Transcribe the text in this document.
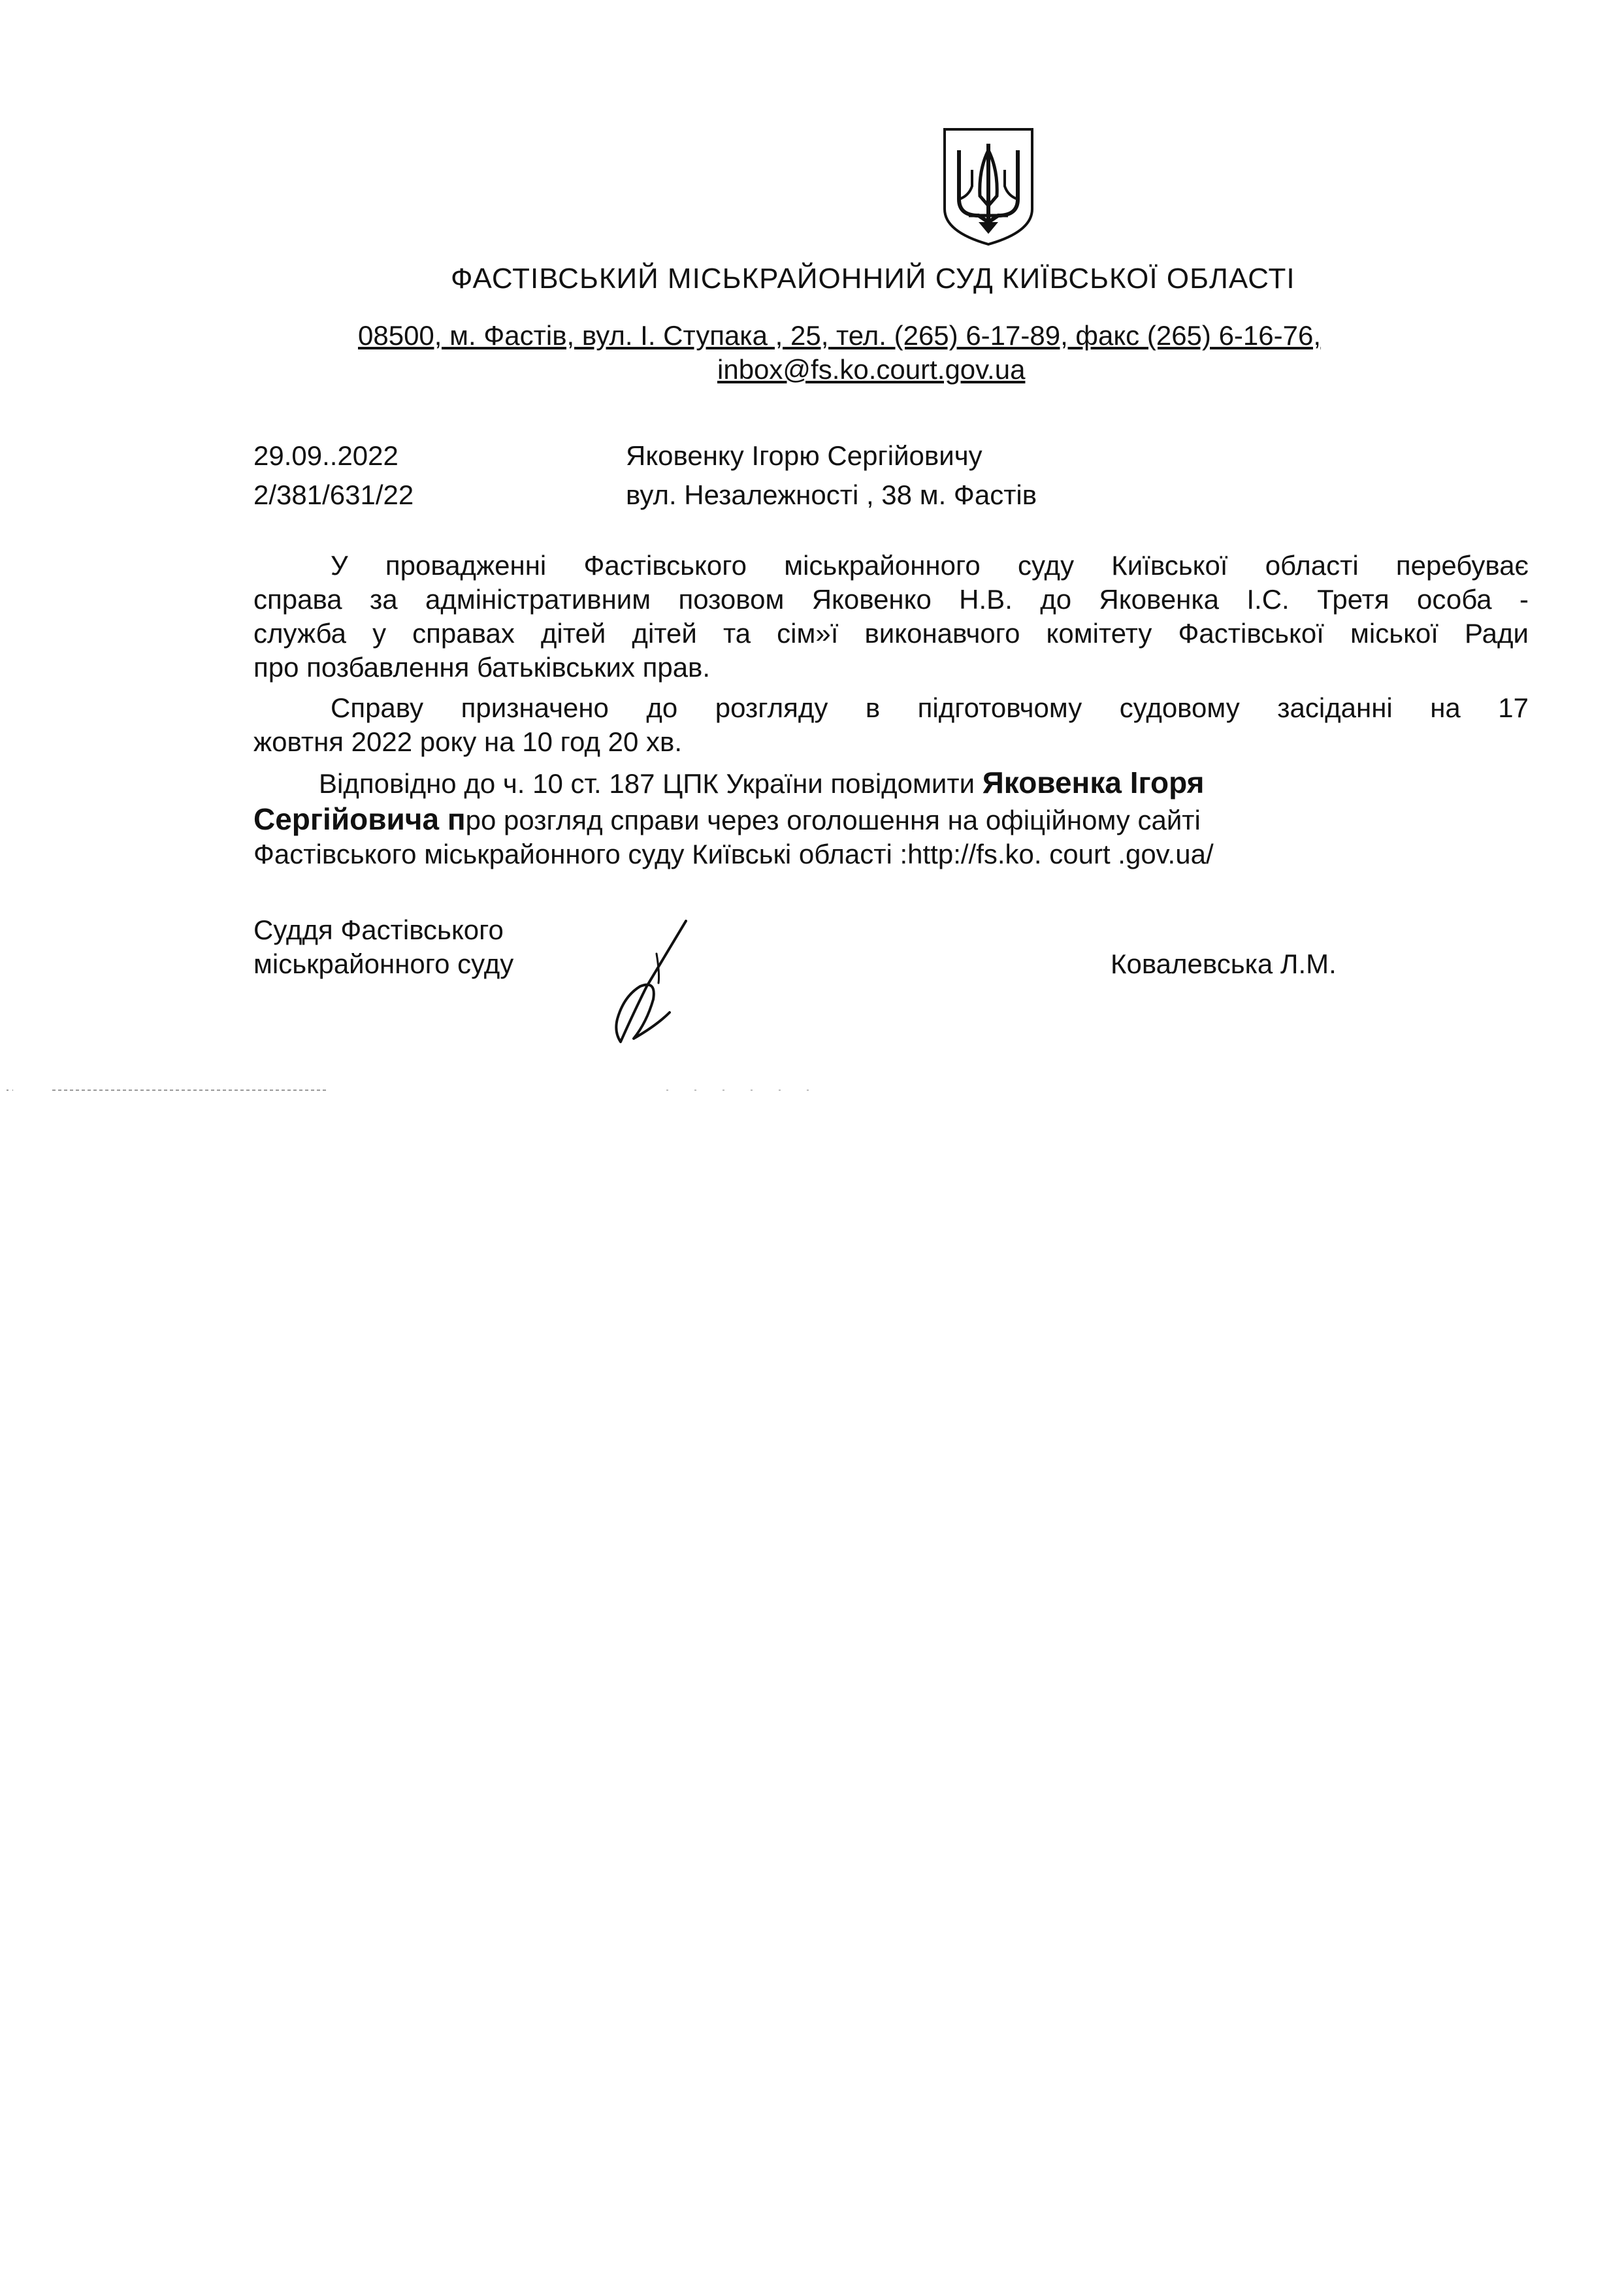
ФАСТІВСЬКИЙ МІСЬКРАЙОННИЙ СУД КИЇВСЬКОЇ ОБЛАСТІ
08500, м. Фастів, вул. І. Ступака , 25, тел. (265) 6-17-89, факс (265) 6-16-76,
inbox@fs.ko.court.gov.ua
29.09..2022
2/381/631/22
Яковенку Ігорю Сергійовичу
вул. Незалежності , 38 м. Фастів
У провадженні Фастівського міськрайонного суду Київської області перебуває
справа за адміністративним позовом Яковенко Н.В. до Яковенка І.С. Третя особа -
служба у справах дітей дітей та сім»ї виконавчого комітету Фастівської міської Ради
про позбавлення батьківських прав.
Справу призначено до розгляду в підготовчому судовому засіданні на 17
жовтня 2022 року на 10 год 20 хв.
Відповідно до ч. 10 ст. 187 ЦПК України повідомити Яковенка Ігоря
Сергійовича про розгляд справи через оголошення на офіційному сайті
Фастівського міськрайонного суду Київські області :http://fs.ko. court .gov.ua/
Суддя Фастівського
міськрайонного суду	Ковалевська Л.М.
